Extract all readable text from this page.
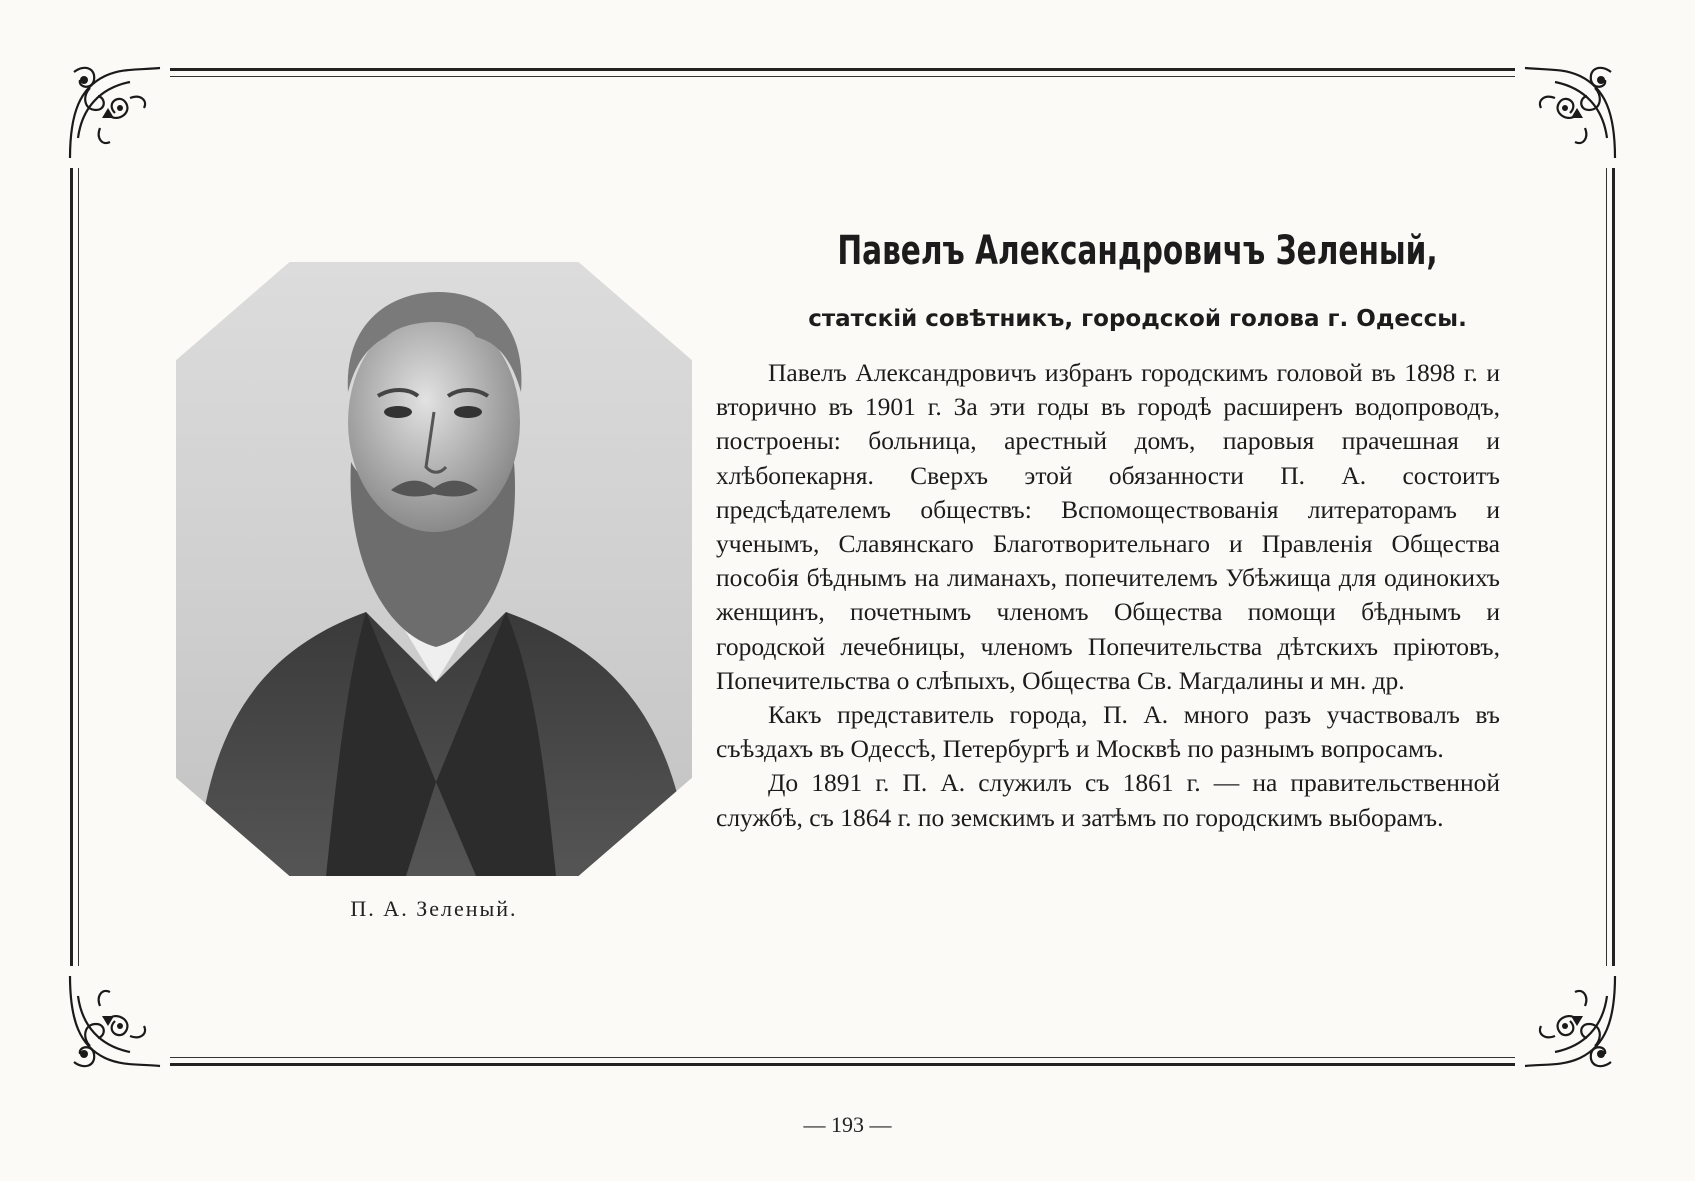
П. А. Зеленый.
Павелъ Александровичъ Зеленый,
статскій совѣтникъ, городской голова г. Одессы.

Павелъ Александровичъ избранъ городскимъ головой въ 1898 г. и вторично въ 1901 г. За эти годы въ городѣ расширенъ водопроводъ, построены: больница, арестный домъ, паровыя прачешная и хлѣбопекарня. Сверхъ этой обязанности П. А. состоитъ предсѣдателемъ обществъ: Вспомоществованія литераторамъ и ученымъ, Славянскаго Благотворительнаго и Правленія Общества пособія бѣднымъ на лиманахъ, попечителемъ Убѣжища для одинокихъ женщинъ, почетнымъ членомъ Общества помощи бѣднымъ и городской лечебницы, членомъ Попечительства дѣтскихъ пріютовъ, Попечительства о слѣпыхъ, Общества Св. Магдалины и мн. др.

Какъ представитель города, П. А. много разъ участвовалъ въ съѣздахъ въ Одессѣ, Петербургѣ и Москвѣ по разнымъ вопросамъ.

До 1891 г. П. А. служилъ съ 1861 г. — на правительственной службѣ, съ 1864 г. по земскимъ и затѣмъ по городскимъ выборамъ.

— 193 —
